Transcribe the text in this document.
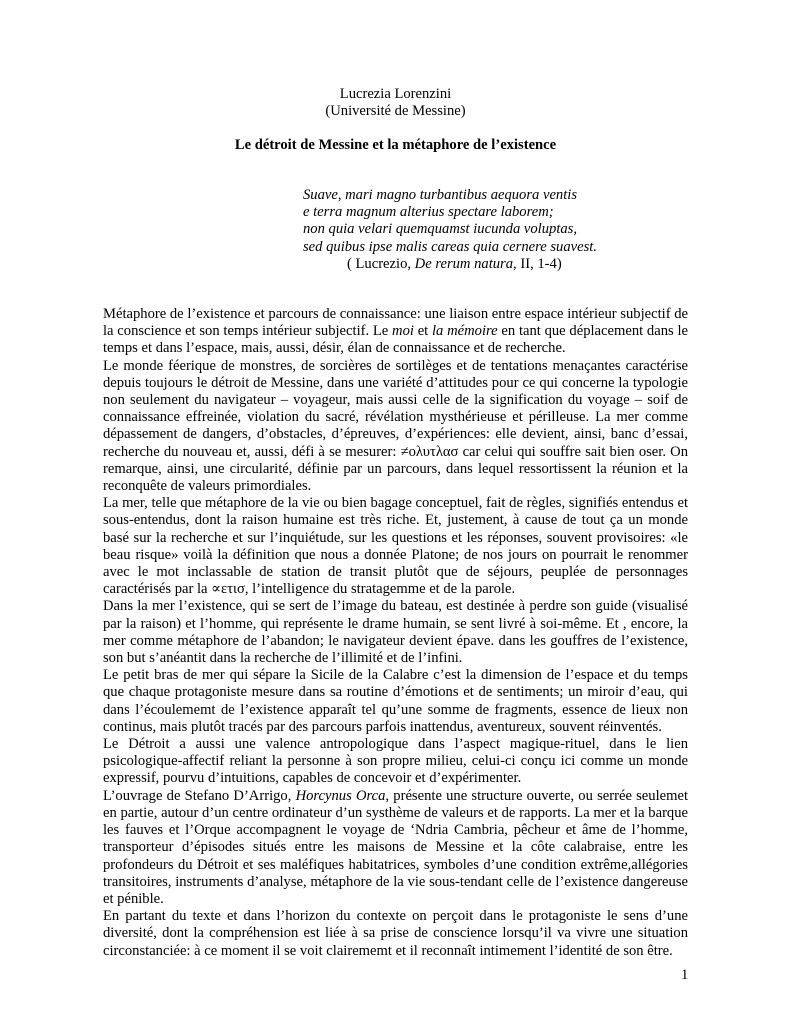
Lucrezia Lorenzini
(Université de Messine)
Le détroit de Messine et la métaphore de l’existence
Suave, mari magno turbantibus aequora ventis
e terra magnum alterius spectare laborem;
non quia velari quemquamst iucunda voluptas,
sed quibus ipse malis careas quia cernere suavest.
( Lucrezio, De rerum natura, II, 1-4)

Métaphore de l’existence et parcours de connaissance: une liaison entre espace intérieur subjectif de la conscience et son temps intérieur subjectif. Le moi et la mémoire en tant que déplacement dans le temps et dans l’espace, mais, aussi, désir, élan de connaissance et de recherche.

Le monde féerique de monstres, de sorcières de sortilèges et de tentations menaçantes caractérise depuis toujours le détroit de Messine, dans une variété d’attitudes pour ce qui concerne la typologie non seulement du navigateur – voyageur, mais aussi celle de la signification du voyage – soif de connaissance effreinée, violation du sacré, révélation mysthérieuse et périlleuse. La mer comme dépassement de dangers, d’obstacles, d’épreuves, d’expériences: elle devient, ainsi, banc d’essai, recherche du nouveau et, aussi, défi à se mesurer: ≠ολυτλασ car celui qui souffre sait bien oser. On remarque, ainsi, une circularité, définie par un parcours, dans lequel ressortissent la réunion et la reconquête de valeurs primordiales.

La mer, telle que métaphore de la vie ou bien bagage conceptuel, fait de règles, signifiés entendus et sous-entendus, dont la raison humaine est très riche. Et, justement, à cause de tout ça un monde basé sur la recherche et sur l’inquiétude, sur les questions et les réponses, souvent provisoires: «le beau risque» voilà la définition que nous a donnée Platone; de nos jours on pourrait le renommer avec le mot inclassable de station de transit plutôt que de séjours, peuplée de personnages caractérisés par la ∝ετισ, l’intelligence du stratagemme et de la parole.

Dans la mer l’existence, qui se sert de l’image du bateau, est destinée à perdre son guide (visualisé par la raison) et l’homme, qui représente le drame humain, se sent livré à soi-même. Et , encore, la mer comme métaphore de l’abandon; le navigateur devient épave. dans les gouffres de l’existence, son but s’anéantit dans la recherche de l’illimité et de l’infini.

Le petit bras de mer qui sépare la Sicile de la Calabre c’est la dimension de l’espace et du temps que chaque protagoniste mesure dans sa routine d’émotions et de sentiments; un miroir d’eau, qui dans l’écoulememt de l’existence apparaît tel qu’une somme de fragments, essence de lieux non continus, mais plutôt tracés par des parcours parfois inattendus, aventureux, souvent réinventés.

Le Détroit a aussi une valence antropologique dans l’aspect magique-rituel, dans le lien psicologique-affectif reliant la personne à son propre milieu, celui-ci conçu ici comme un monde expressif, pourvu d’intuitions, capables de concevoir et d’expérimenter.

L’ouvrage de Stefano D’Arrigo, Horcynus Orca, présente une structure ouverte, ou serrée seulemet en partie, autour d’un centre ordinateur d’un systhème de valeurs et de rapports. La mer et la barque les fauves et l’Orque accompagnent le voyage de ‘Ndria Cambria, pêcheur et âme de l’homme, transporteur d’épisodes situés entre les maisons de Messine et la côte calabraise, entre les profondeurs du Détroit et ses maléfiques habitatrices, symboles d’une condition extrême,allégories transitoires, instruments d’analyse, métaphore de la vie sous-tendant celle de l’existence dangereuse et pénible.

En partant du texte et dans l’horizon du contexte on perçoit dans le protagoniste le sens d’une diversité, dont la compréhension est liée à sa prise de conscience lorsqu’il va vivre une situation circonstanciée: à ce moment il se voit clairememt et il reconnaît intimement l’identité de son être.

1
